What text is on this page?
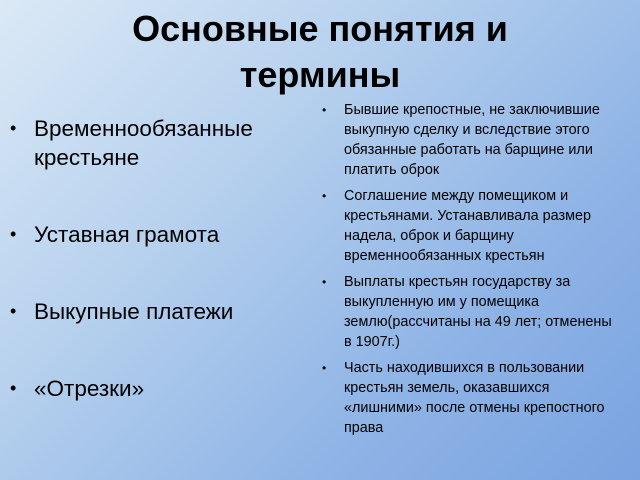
Основные понятия и термины
• Временнообязанные крестьяне
• Уставная грамота
• Выкупные платежи
• «Отрезки»
• Бывшие крепостные, не заключившие выкупную сделку и вследствие этого обязанные работать на барщине или платить оброк
• Соглашение между помещиком и крестьянами. Устанавливала размер надела, оброк и барщину временнообязанных крестьян
• Выплаты крестьян государству за выкупленную им у помещика землю(рассчитаны на 49 лет; отменены в 1907г.)
• Часть находившихся в пользовании крестьян земель, оказавшихся «лишними» после отмены крепостного права
